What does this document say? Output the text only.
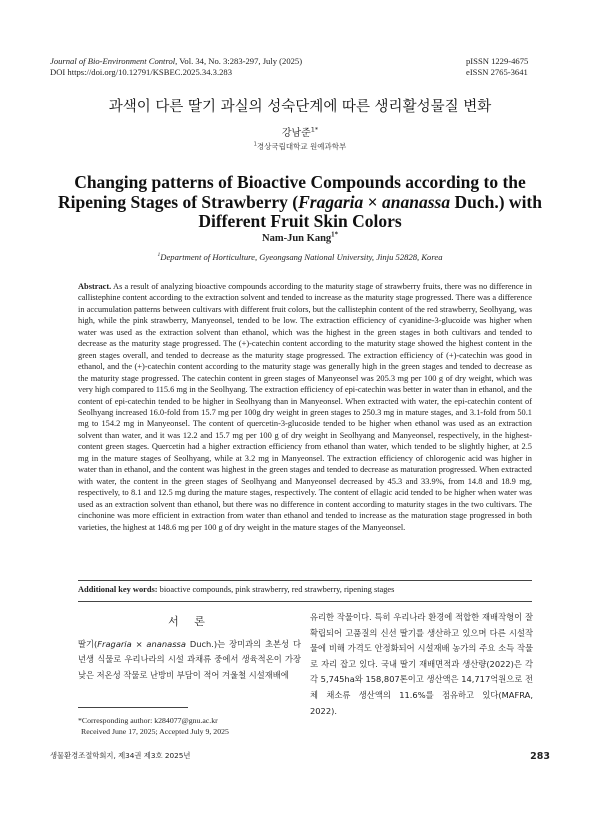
Journal of Bio-Environment Control, Vol. 34, No. 3:283-297, July (2025)
DOI https://doi.org/10.12791/KSBEC.2025.34.3.283
pISSN 1229-4675
eISSN 2765-3641
과색이 다른 딸기 과실의 성숙단계에 따른 생리활성물질 변화
강남준$^{1*}$
$^1$경상국립대학교 원예과학부
Changing patterns of Bioactive Compounds according to the Ripening Stages of Strawberry (Fragaria × ananassa Duch.) with Different Fruit Skin Colors
Nam-Jun Kang$^{1*}$
$^1$Department of Horticulture, Gyeongsang National University, Jinju 52828, Korea
Abstract. As a result of analyzing bioactive compounds according to the maturity stage of strawberry fruits, there was no difference in callistephine content according to the extraction solvent and tended to increase as the maturity stage progressed. There was a difference in accumulation patterns between cultivars with different fruit colors, but the callistephin content of the red strawberry, Seolhyang, was high, while the pink strawberry, Manyeonsel, tended to be low. The extraction efficiency of cyanidine-3-glucoide was higher when water was used as the extraction solvent than ethanol, which was the highest in the green stages in both cultivars and tended to decrease as the maturity stage progressed. The (+)-catechin content according to the maturity stage showed the highest content in the green stages overall, and tended to decrease as the maturity stage progressed. The extraction efficiency of (+)-catechin was good in ethanol, and the (+)-catechin content according to the maturity stage was generally high in the green stages and tended to decrease as the maturity stage progressed. The catechin content in green stages of Manyeonsel was 205.3 mg per 100 g of dry weight, which was very high compared to 115.6 mg in the Seolhyang. The extraction efficiency of epi-catechin was better in water than in ethanol, and the content of epi-catechin tended to be higher in Seolhyang than in Manyeonsel. When extracted with water, the epi-catechin content of Seolhyang increased 16.0-fold from 15.7 mg per 100g dry weight in green stages to 250.3 mg in mature stages, and 3.1-fold from 50.1 mg to 154.2 mg in Manyeonsel. The content of quercetin-3-glucoside tended to be higher when ethanol was used as an extraction solvent than water, and it was 12.2 and 15.7 mg per 100 g of dry weight in Seolhyang and Manyeonsel, respectively, in the highest-content green stages. Quercetin had a higher extraction efficiency from ethanol than water, which tended to be slightly higher, at 2.5 mg in the mature stages of Seolhyang, while at 3.2 mg in Manyeonsel. The extraction efficiency of chlorogenic acid was higher in water than in ethanol, and the content was highest in the green stages and tended to decrease as maturation progressed. When extracted with water, the content in the green stages of Seolhyang and Manyeonsel decreased by 45.3 and 33.9%, from 14.8 and 18.9 mg, respectively, to 8.1 and 12.5 mg during the mature stages, respectively. The content of ellagic acid tended to be higher when water was used as an extraction solvent than ethanol, but there was no difference in content according to maturity stages in the two cultivars. The cinchonine was more efficient in extraction from water than ethanol and tended to increase as the maturation stage progressed in both varieties, the highest at 148.6 mg per 100 g of dry weight in the mature stages of the Manyeonsel.
Additional key words: bioactive compounds, pink strawberry, red strawberry, ripening stages
서 론
딸기(Fragaria × ananassa Duch.)는 장미과의 초본성 다년생 식물로 우리나라의 시설 과채류 중에서 생육적온이 가장 낮은 저온성 작물로 난방비 부담이 적어 겨울철 시설재배에
유리한 작물이다. 특히 우리나라 환경에 적합한 재배작형이 잘 확립되어 고품질의 신선 딸기를 생산하고 있으며 다른 시설작물에 비해 가격도 안정화되어 시설재배 농가의 주요 소득 작물로 자리 잡고 있다. 국내 딸기 재배면적과 생산량(2022)은 각각 5,745ha와 158,807톤이고 생산액은 14,717억원으로 전체 채소류 생산액의 11.6%를 점유하고 있다(MAFRA, 2022).
*Corresponding author: k284077@gnu.ac.kr
Received June 17, 2025; Accepted July 9, 2025
생물환경조절학회지, 제34권 제3호 2025년	283
